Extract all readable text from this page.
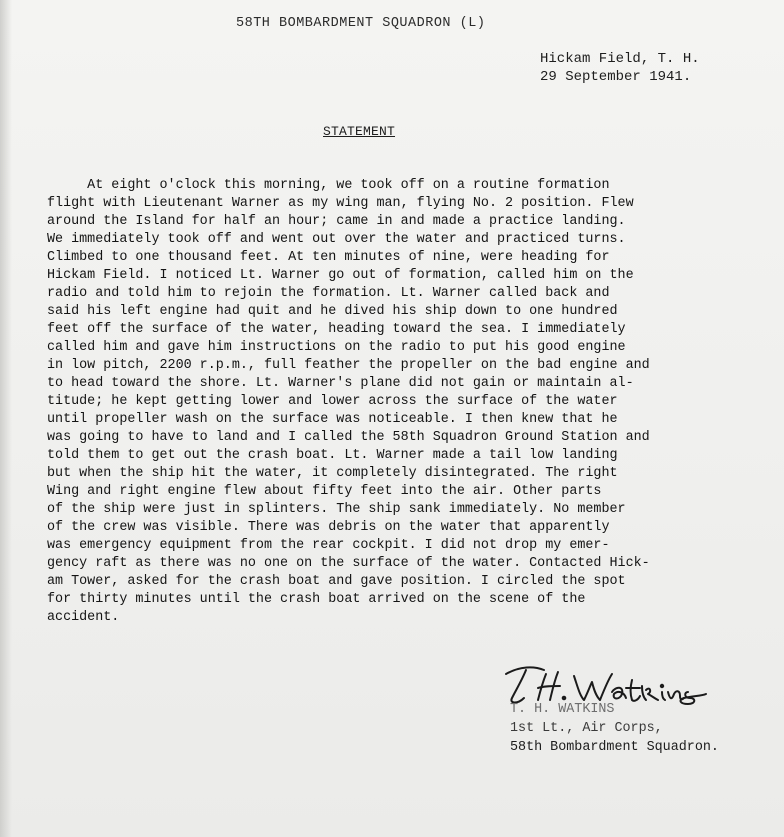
58TH BOMBARDMENT SQUADRON (L)
Hickam Field, T. H.
29 September 1941.
STATEMENT
At eight o'clock this morning, we took off on a routine formation
flight with Lieutenant Warner as my wing man, flying No. 2 position. Flew
around the Island for half an hour; came in and made a practice landing.
We immediately took off and went out over the water and practiced turns.
Climbed to one thousand feet. At ten minutes of nine, were heading for
Hickam Field. I noticed Lt. Warner go out of formation, called him on the
radio and told him to rejoin the formation. Lt. Warner called back and
said his left engine had quit and he dived his ship down to one hundred
feet off the surface of the water, heading toward the sea. I immediately
called him and gave him instructions on the radio to put his good engine
in low pitch, 2200 r.p.m., full feather the propeller on the bad engine and
to head toward the shore. Lt. Warner's plane did not gain or maintain al-
titude; he kept getting lower and lower across the surface of the water
until propeller wash on the surface was noticeable. I then knew that he
was going to have to land and I called the 58th Squadron Ground Station and
told them to get out the crash boat. Lt. Warner made a tail low landing
but when the ship hit the water, it completely disintegrated. The right
Wing and right engine flew about fifty feet into the air. Other parts
of the ship were just in splinters. The ship sank immediately. No member
of the crew was visible. There was debris on the water that apparently
was emergency equipment from the rear cockpit. I did not drop my emer-
gency raft as there was no one on the surface of the water. Contacted Hick-
am Tower, asked for the crash boat and gave position. I circled the spot
for thirty minutes until the crash boat arrived on the scene of the
accident.
T. H. WATKINS
1st Lt., Air Corps,
58th Bombardment Squadron.
